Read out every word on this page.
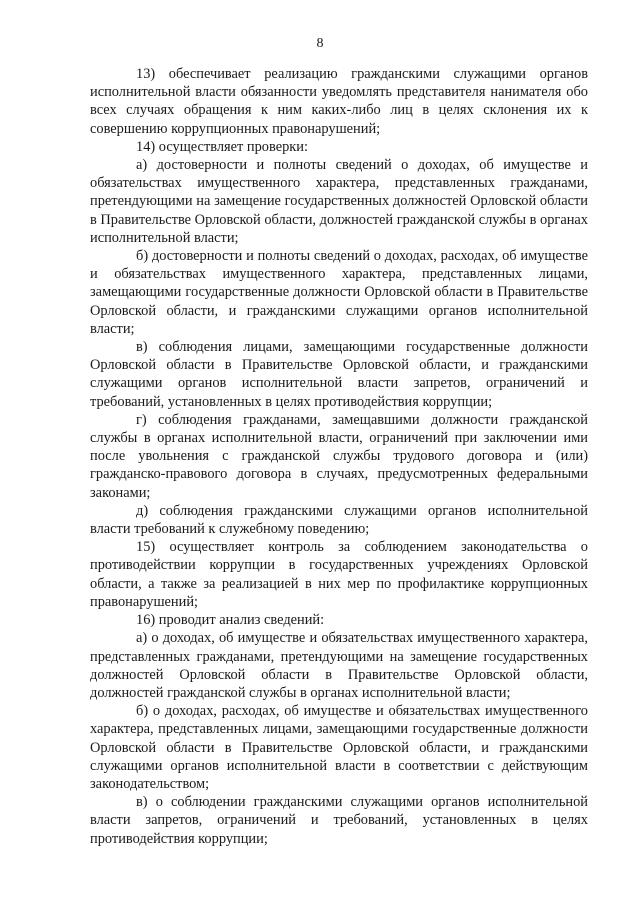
8

13) обеспечивает реализацию гражданскими служащими органов исполнительной власти обязанности уведомлять представителя нанимателя обо всех случаях обращения к ним каких-либо лиц в целях склонения их к совершению коррупционных правонарушений;

14) осуществляет проверки:

а) достоверности и полноты сведений о доходах, об имуществе и обязательствах имущественного характера, представленных гражданами, претендующими на замещение государственных должностей Орловской области в Правительстве Орловской области, должностей гражданской службы в органах исполнительной власти;

б) достоверности и полноты сведений о доходах, расходах, об имуществе и обязательствах имущественного характера, представленных лицами, замещающими государственные должности Орловской области в Правительстве Орловской области, и гражданскими служащими органов исполнительной власти;

в) соблюдения лицами, замещающими государственные должности Орловской области в Правительстве Орловской области, и гражданскими служащими органов исполнительной власти запретов, ограничений и требований, установленных в целях противодействия коррупции;

г) соблюдения гражданами, замещавшими должности гражданской службы в органах исполнительной власти, ограничений при заключении ими после увольнения с гражданской службы трудового договора и (или) гражданско-правового договора в случаях, предусмотренных федеральными законами;

д) соблюдения гражданскими служащими органов исполнительной власти требований к служебному поведению;

15) осуществляет контроль за соблюдением законодательства о противодействии коррупции в государственных учреждениях Орловской области, а также за реализацией в них мер по профилактике коррупционных правонарушений;

16) проводит анализ сведений:

а) о доходах, об имуществе и обязательствах имущественного характера, представленных гражданами, претендующими на замещение государственных должностей Орловской области в Правительстве Орловской области, должностей гражданской службы в органах исполнительной власти;

б) о доходах, расходах, об имуществе и обязательствах имущественного характера, представленных лицами, замещающими государственные должности Орловской области в Правительстве Орловской области, и гражданскими служащими органов исполнительной власти в соответствии с действующим законодательством;

в) о соблюдении гражданскими служащими органов исполнительной власти запретов, ограничений и требований, установленных в целях противодействия коррупции;
